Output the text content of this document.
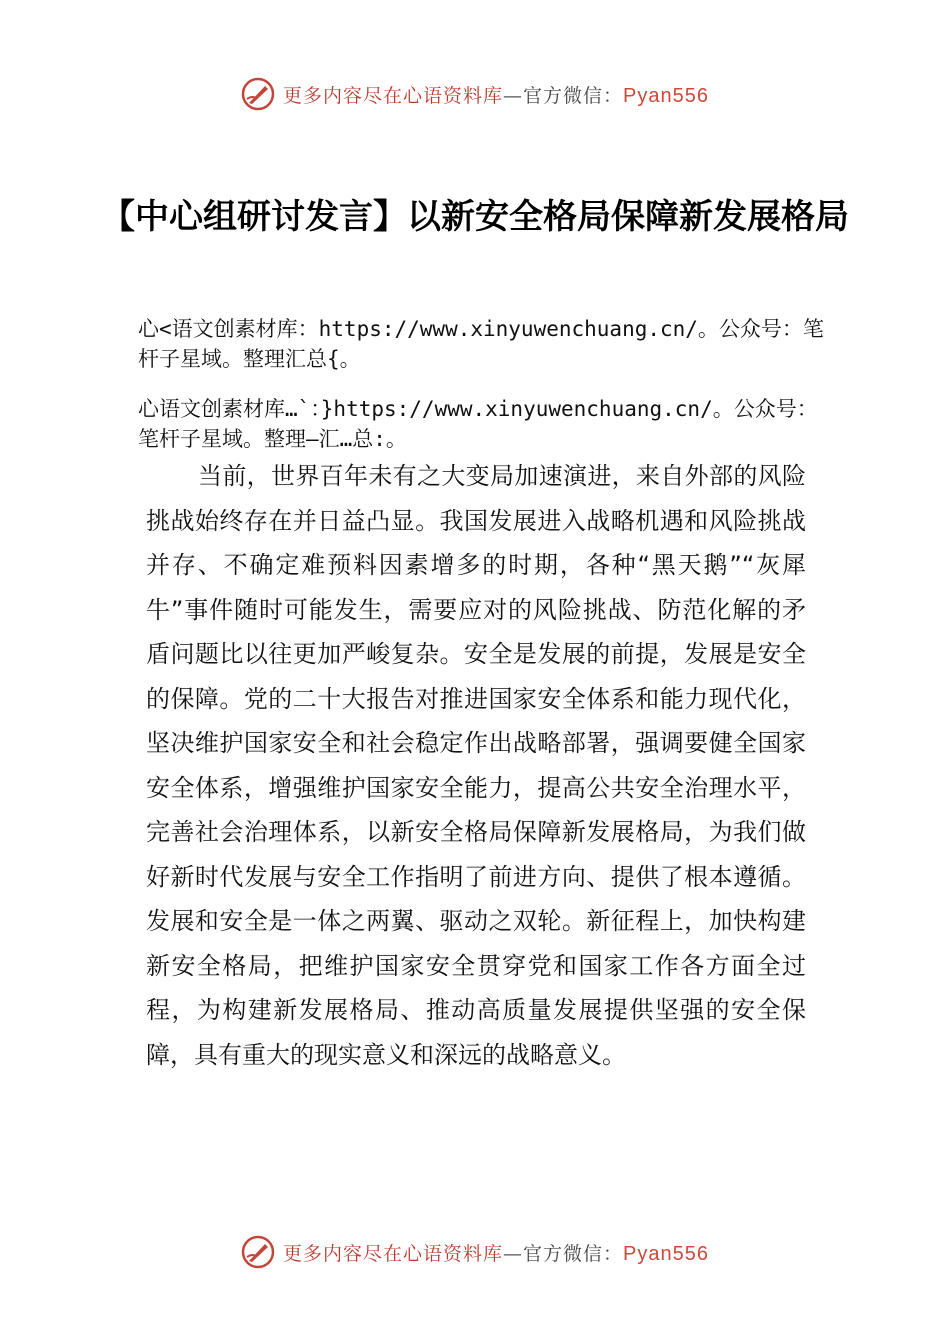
更多内容尽在心语资料库—官方微信：Pyan556
【中心组研讨发言】以新安全格局保障新发展格局
心<语文创素材库：https://www.xinyuwenchuang.cn/。公众号：笔杆子星域。整理汇总{。
心语文创素材库…`：}https://www.xinyuwenchuang.cn/。公众号：笔杆子星域。整理—汇…总:。

当前，世界百年未有之大变局加速演进，来自外部的风险挑战始终存在并日益凸显。我国发展进入战略机遇和风险挑战并存、不确定难预料因素增多的时期，各种“黑天鹅”“灰犀牛”事件随时可能发生，需要应对的风险挑战、防范化解的矛盾问题比以往更加严峻复杂。安全是发展的前提，发展是安全的保障。党的二十大报告对推进国家安全体系和能力现代化，坚决维护国家安全和社会稳定作出战略部署，强调要健全国家安全体系，增强维护国家安全能力，提高公共安全治理水平，完善社会治理体系，以新安全格局保障新发展格局，为我们做好新时代发展与安全工作指明了前进方向、提供了根本遵循。发展和安全是一体之两翼、驱动之双轮。新征程上，加快构建新安全格局，把维护国家安全贯穿党和国家工作各方面全过程，为构建新发展格局、推动高质量发展提供坚强的安全保障，具有重大的现实意义和深远的战略意义。

更多内容尽在心语资料库—官方微信：Pyan556
